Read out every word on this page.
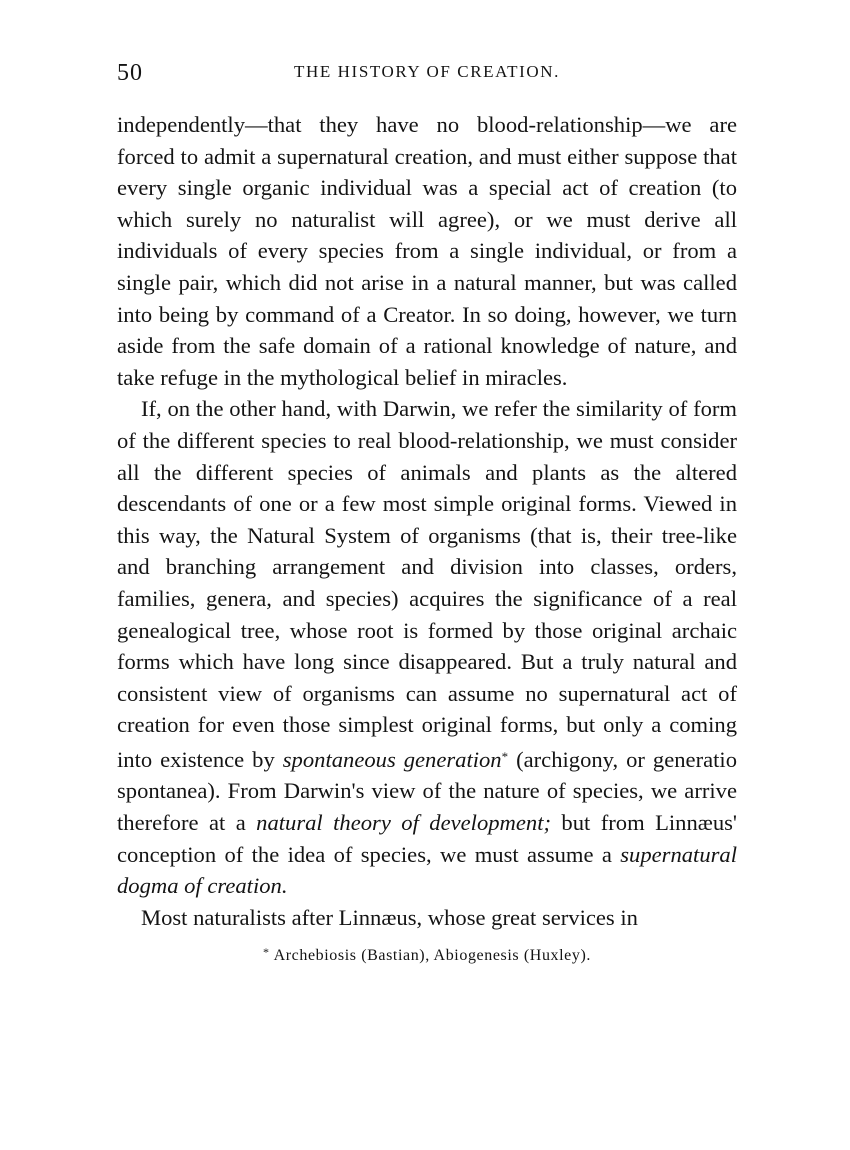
50	THE HISTORY OF CREATION.

independently—that they have no blood-relationship—we are forced to admit a supernatural creation, and must either suppose that every single organic individual was a special act of creation (to which surely no naturalist will agree), or we must derive all individuals of every species from a single individual, or from a single pair, which did not arise in a natural manner, but was called into being by command of a Creator. In so doing, however, we turn aside from the safe domain of a rational knowledge of nature, and take refuge in the mythological belief in miracles.

If, on the other hand, with Darwin, we refer the similarity of form of the different species to real blood-relationship, we must consider all the different species of animals and plants as the altered descendants of one or a few most simple original forms. Viewed in this way, the Natural System of organisms (that is, their tree-like and branching arrangement and division into classes, orders, families, genera, and species) acquires the significance of a real genealogical tree, whose root is formed by those original archaic forms which have long since disappeared. But a truly natural and consistent view of organisms can assume no supernatural act of creation for even those simplest original forms, but only a coming into existence by spontaneous generation* (archigony, or generatio spontanea). From Darwin's view of the nature of species, we arrive therefore at a natural theory of development; but from Linnæus' conception of the idea of species, we must assume a supernatural dogma of creation.

Most naturalists after Linnæus, whose great services in

* Archebiosis (Bastian), Abiogenesis (Huxley).
